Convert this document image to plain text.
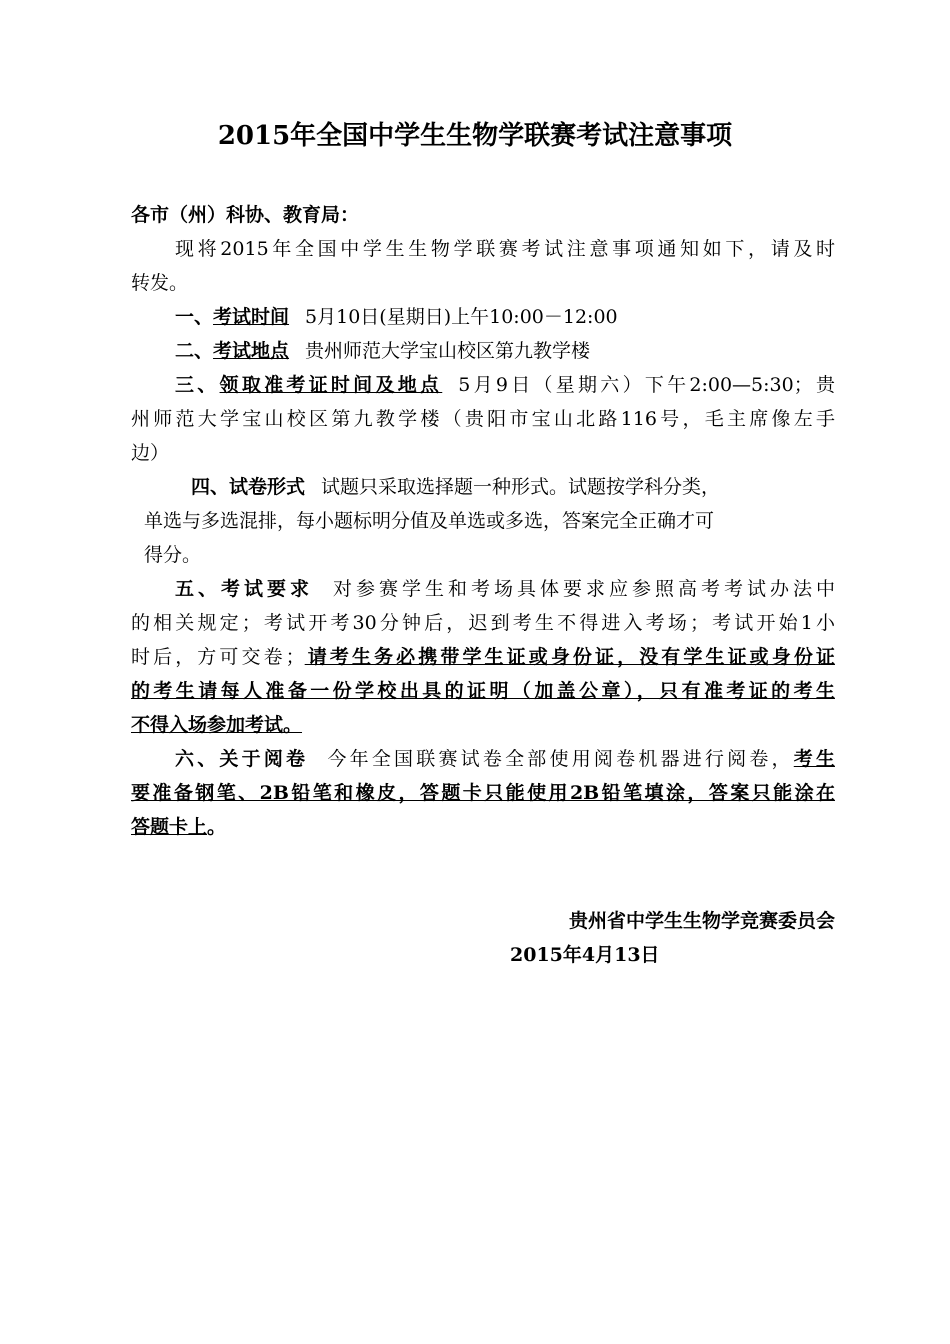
2015年全国中学生生物学联赛考试注意事项
各市（州）科协、教育局：
现将2015年全国中学生生物学联赛考试注意事项通知如下，请及时
转发。
一、考试时间 5月10日(星期日)上午10:00－12:00
二、考试地点 贵州师范大学宝山校区第九教学楼
三、领取准考证时间及地点 5月9日（星期六）下午2:00—5:30；贵
州师范大学宝山校区第九教学楼（贵阳市宝山北路116号，毛主席像左手
边）
四、试卷形式 试题只采取选择题一种形式。试题按学科分类，
单选与多选混排，每小题标明分值及单选或多选，答案完全正确才可
得分。
五、考试要求 对参赛学生和考场具体要求应参照高考考试办法中
的相关规定；考试开考30分钟后，迟到考生不得进入考场；考试开始1小
时后，方可交卷；请考生务必携带学生证或身份证，没有学生证或身份证
的考生请每人准备一份学校出具的证明（加盖公章），只有准考证的考生
不得入场参加考试。
六、关于阅卷 今年全国联赛试卷全部使用阅卷机器进行阅卷，考生
要准备钢笔、2B铅笔和橡皮，答题卡只能使用2B铅笔填涂，答案只能涂在
答题卡上。
贵州省中学生生物学竞赛委员会
2015年4月13日
